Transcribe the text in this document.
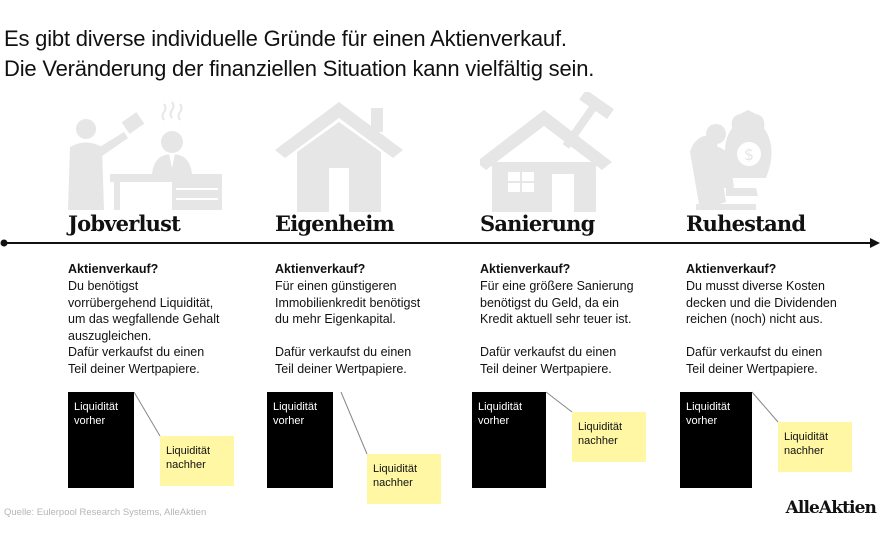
Es gibt diverse individuelle Gründe für einen Aktienverkauf.
Die Veränderung der finanziellen Situation kann vielfältig sein.
Jobverlust
Aktienverkauf?
Du benötigst
vorrübergehend Liquidität,
um das wegfallende Gehalt
auszugleichen.
Dafür verkaufst du einen
Teil deiner Wertpapiere.
Liquidität vorher
Liquidität nachher
Eigenheim
Aktienverkauf?
Für einen günstigeren
Immobilienkredit benötigst
du mehr Eigenkapital.

Dafür verkaufst du einen
Teil deiner Wertpapiere.
Liquidität vorher
Liquidität nachher
Sanierung
Aktienverkauf?
Für eine größere Sanierung
benötigst du Geld, da ein
Kredit aktuell sehr teuer ist.

Dafür verkaufst du einen
Teil deiner Wertpapiere.
Liquidität vorher	Liquidität nachher
$
Ruhestand
Aktienverkauf?
Du musst diverse Kosten
decken und die Dividenden
reichen (noch) nicht aus.

Dafür verkaufst du einen
Teil deiner Wertpapiere.
Liquidität vorher
Liquidität nachher
Quelle: Eulerpool Research Systems, AlleAktien	AlleAktien
